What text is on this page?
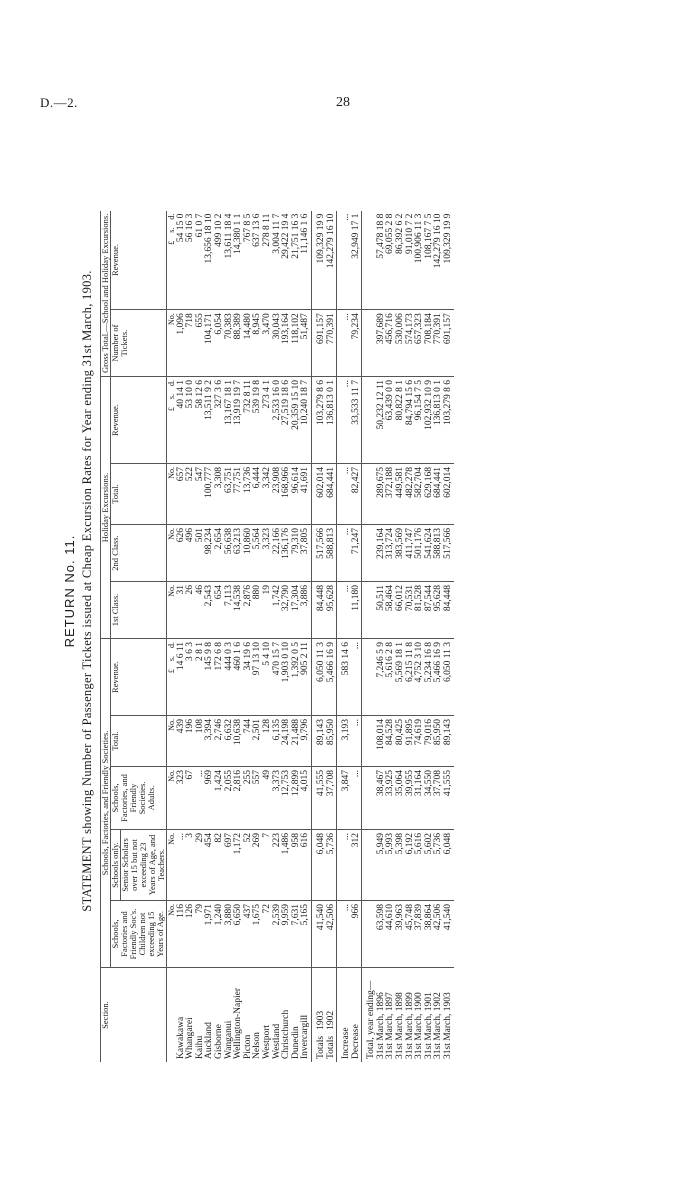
D.—2.	28
RETURN No. 11. STATEMENT showing Number of Passenger Tickets issued at Cheap Excursion Rates for Year ending 31st March, 1903.
Section.	Schools, Factories, and Friendly Societies.					Holiday Excursions.				Gross Total.—School and Holiday Excursions.	
	Schools, Factories and Friendly Soc's. Children not exceeding 15 Years of Age.	Schools only.	Schools, Factories, and Friendly Societies. Adults.	Total.	Revenue.	1st Class.	2nd Class.	Total.	Revenue.	Number of Tickets.	Revenue.
		Senior Scholars over 15 but not exceeding 23 Years of Age, and Teachers.									
	No.	No.	No.	No.	£s.d.	No.	No.	No.	£s.d.	No.	£s.d.
Kawakawa	116	...	323	439	14 6 11	31	626	657	40 14 1	1,096	54 15 0
Whangarei	126	3	67	196	3 6 3	26	496	522	53 10 0	718	56 16 3
Kaihu	79	29	...	108	2 8 1	46	501	547	58 12 6	655	61 0 7
Auckland	1,971	454	969	3,394	145 9 8	2,543	98,234	100,777	13,511 9 2	104,171	13,656 18 10
Gisborne	1,240	82	1,424	2,746	172 6 8	654	2,654	3,308	327 3 6	6,054	499 10 2
Wanganui	3,880	697	2,055	6,632	444 0 3	7,113	56,638	63,751	13,167 18 1	70,383	13,611 18 4
Wellington-Napier	6,650	1,172	2,816	10,638	460 1 6	14,538	63,213	77,751	13,919 19 7	88,389	14,380 1 1
Picton	437	52	255	744	34 19 6	2,876	10,860	13,736	732 8 11	14,480	767 8 5
Nelson	1,675	269	557	2,501	97 13 10	880	5,564	6,444	539 19 8	8,945	637 13 6
Westport	72	7	49	128	5 4 10	19	3,323	3,342	273 4 1	3,470	278 8 11
Westland	2,539	223	3,373	6,135	470 15 7	1,742	22,166	23,908	2,533 16 0	30,043	3,004 11 7
Christchurch	9,959	1,486	12,753	24,198	1,903 0 10	32,790	136,176	168,966	27,519 18 6	193,164	29,422 19 4
Dunedin	7,631	958	12,899	21,488	1,392 0 5	17,304	79,310	96,614	20,359 15 10	118,102	21,751 16 3
Invercargill	5,165	616	4,015	9,796	905 2 11	3,886	37,805	41,691	10,240 18 7	51,487	11,146 1 6

Totals1903	41,540	6,048	41,555	89,143	6,050 11 3	84,448	517,566	602,014	103,279 8 6	691,157	109,329 19 9
Totals1902	42,506	5,736	37,708	85,950	5,466 16 9	95,628	588,813	684,441	136,813 0 1	770,391	142,279 16 10

Increase	...	...	3,847	3,193	583 14 6	...	...	...	...	...	...
Decrease	966	312	...	...	...	11,180	71,247	82,427	33,533 11 7	79,234	32,949 17 1

Total, year ending—											
31st March, 1896	63,598	5,949	38,467	108,014	7,246 5 9	50,511	239,164	289,675	50,232 12 11	397,689	57,478 18 8
31st March, 1897	44,610	5,993	33,925	84,528	5,616 2 8	58,464	313,724	372,188	63,439 0 0	456,716	69,055 2 8
31st March, 1898	39,963	5,398	35,064	80,425	5,569 18 1	66,012	383,569	449,581	80,822 8 1	530,006	86,392 6 2
31st March, 1899	45,748	6,192	39,955	91,895	6,215 11 8	70,531	411,747	482,278	84,794 15 6	574,173	91,010 7 2
31st March, 1900	37,839	5,616	31,164	74,619	4,752 3 10	81,528	501,176	582,704	96,154 7 5	657,323	100,906 11 3
31st March, 1901	38,864	5,602	34,550	79,016	5,234 16 8	87,544	541,624	629,168	102,932 10 9	708,184	108,167 7 5
31st March, 1902	42,506	5,736	37,708	85,950	5,466 16 9	95,628	588,813	684,441	136,813 0 1	770,391	142,279 16 10
31st March, 1903	41,540	6,048	41,555	89,143	6,050 11 3	84,448	517,566	602,014	103,279 8 6	691,157	109,329 19 9
